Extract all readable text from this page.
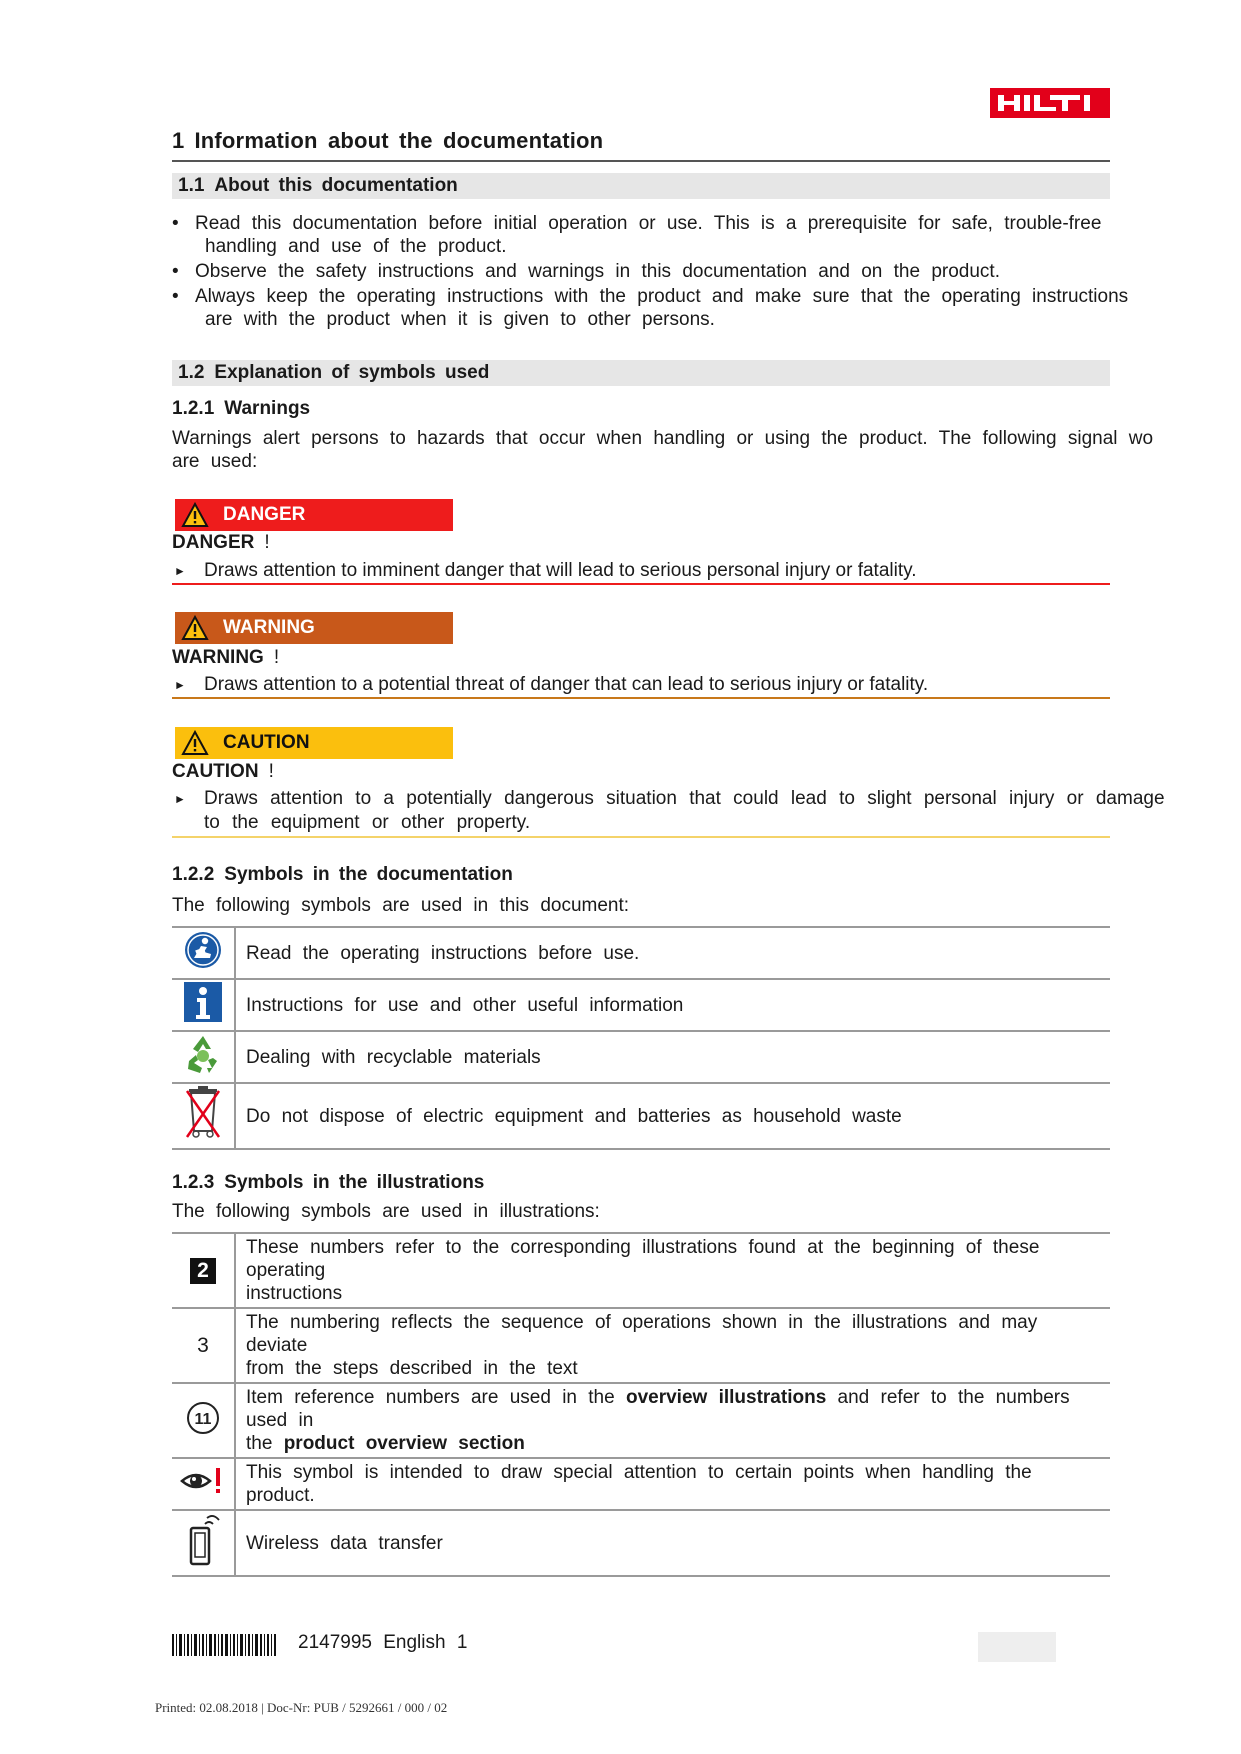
1 Information about the documentation
1.1 About this documentation
• Read this documentation before initial operation or use. This is a prerequisite for safe, trouble-free
handling and use of the product.
• Observe the safety instructions and warnings in this documentation and on the product.
• Always keep the operating instructions with the product and make sure that the operating instructions
are with the product when it is given to other persons.
1.2 Explanation of symbols used
1.2.1 Warnings
Warnings alert persons to hazards that occur when handling or using the product. The following signal wo
are used:
DANGER
DANGER !
► Draws attention to imminent danger that will lead to serious personal injury or fatality.
WARNING
WARNING !
► Draws attention to a potential threat of danger that can lead to serious injury or fatality.
CAUTION
CAUTION !
► Draws attention to a potentially dangerous situation that could lead to slight personal injury or damage
to the equipment or other property.
1.2.2 Symbols in the documentation
The following symbols are used in this document:
	Read the operating instructions before use.
	Instructions for use and other useful information
	Dealing with recyclable materials
	Do not dispose of electric equipment and batteries as household waste
1.2.3 Symbols in the illustrations
The following symbols are used in illustrations:
2	These numbers refer to the corresponding illustrations found at the beginning of these operating
instructions

3	The numbering reflects the sequence of operations shown in the illustrations and may deviate
from the steps described in the text

11	Item reference numbers are used in the overview illustrations and refer to the numbers used in
the product overview section

	This symbol is intended to draw special attention to certain points when handling the product.
	Wireless data transfer
2147995 English 1
Printed: 02.08.2018 | Doc-Nr: PUB / 5292661 / 000 / 02
